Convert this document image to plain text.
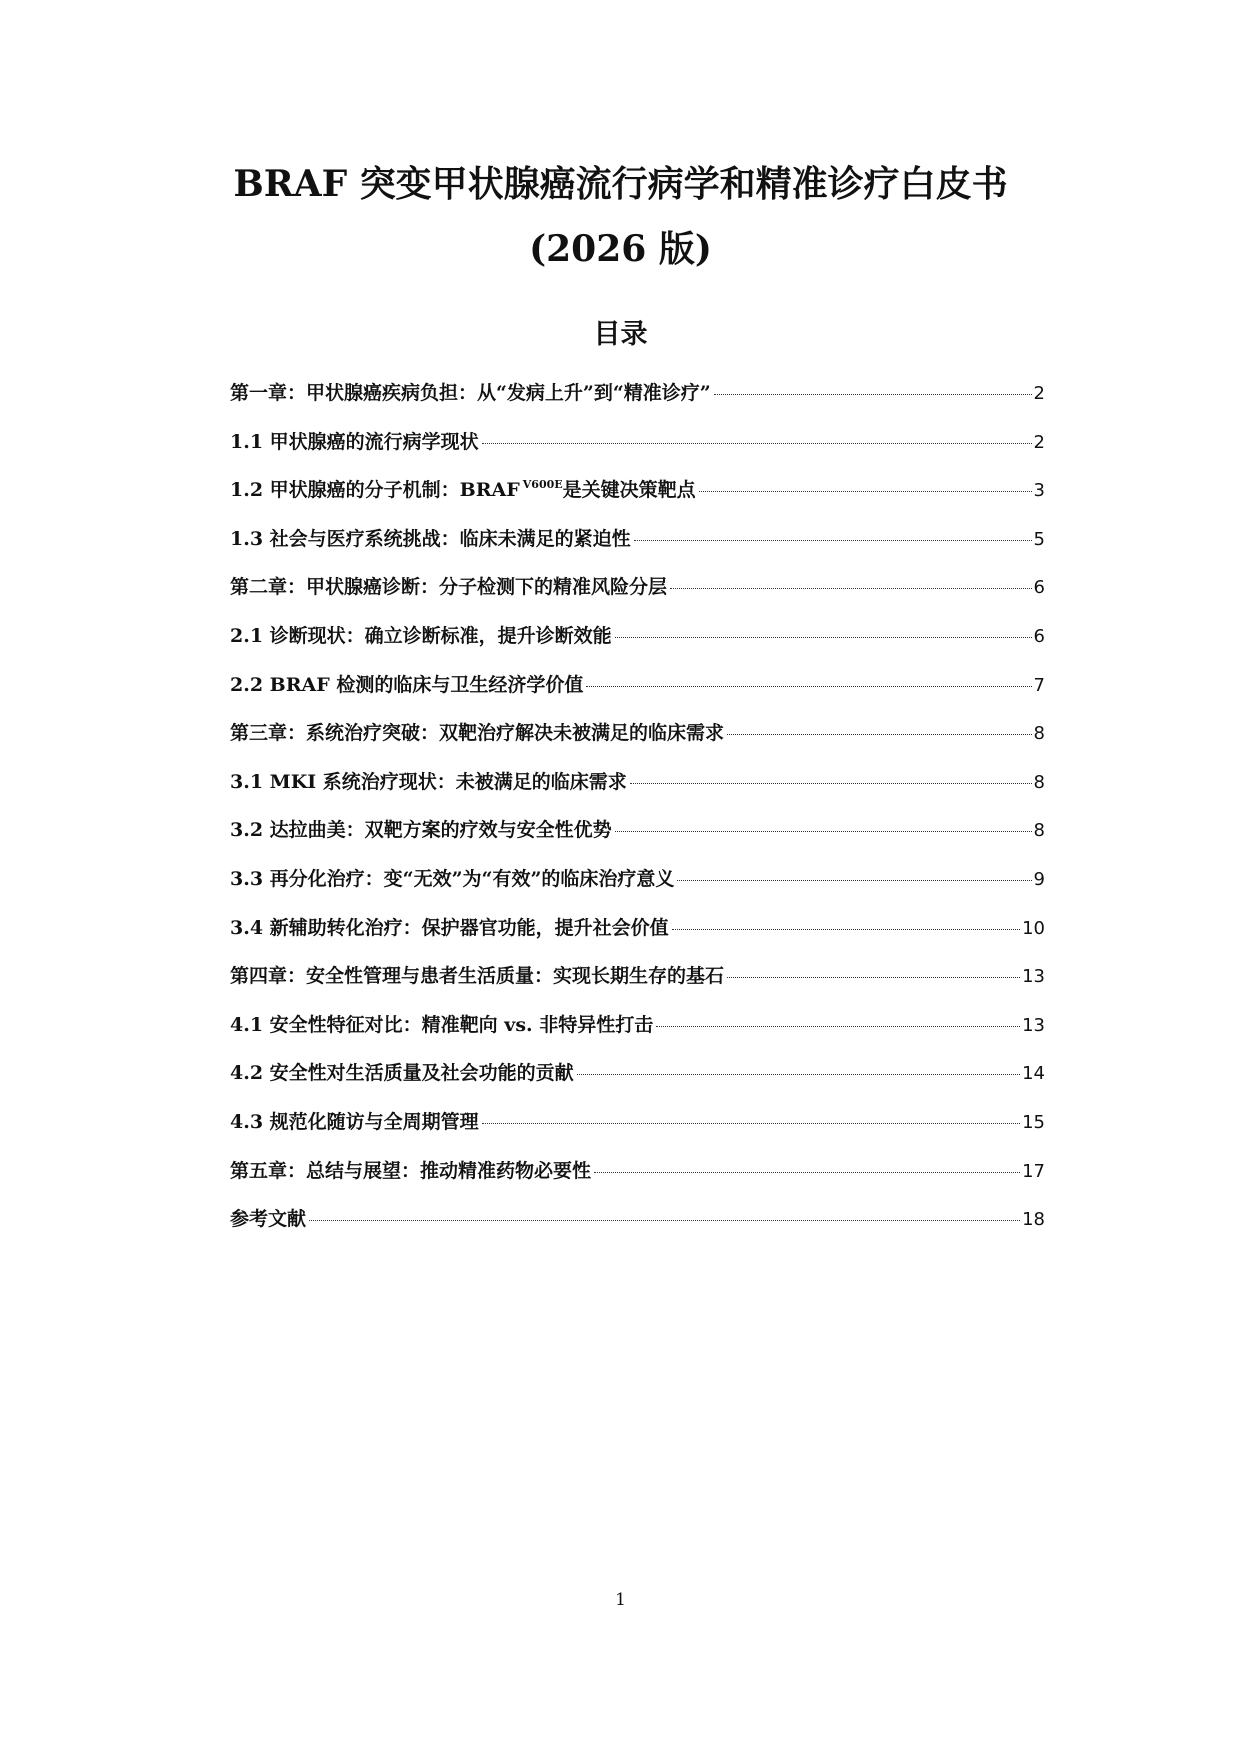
BRAF 突变甲状腺癌流行病学和精准诊疗白皮书
(2026 版)
目录
第一章：甲状腺癌疾病负担：从“发病上升”到“精准诊疗”	2
1.1 甲状腺癌的流行病学现状	2
1.2 甲状腺癌的分子机制：BRAF $^{V600E}$是关键决策靶点	3
1.3 社会与医疗系统挑战：临床未满足的紧迫性	5
第二章：甲状腺癌诊断：分子检测下的精准风险分层	6
2.1 诊断现状：确立诊断标准，提升诊断效能	6
2.2 BRAF 检测的临床与卫生经济学价值	7
第三章：系统治疗突破：双靶治疗解决未被满足的临床需求	8
3.1 MKI 系统治疗现状：未被满足的临床需求	8
3.2 达拉曲美：双靶方案的疗效与安全性优势	8
3.3 再分化治疗：变“无效”为“有效”的临床治疗意义	9
3.4 新辅助转化治疗：保护器官功能，提升社会价值	10
第四章：安全性管理与患者生活质量：实现长期生存的基石	13
4.1 安全性特征对比：精准靶向 vs. 非特异性打击	13
4.2 安全性对生活质量及社会功能的贡献	14
4.3 规范化随访与全周期管理	15
第五章：总结与展望：推动精准药物必要性	17
参考文献	18
1
